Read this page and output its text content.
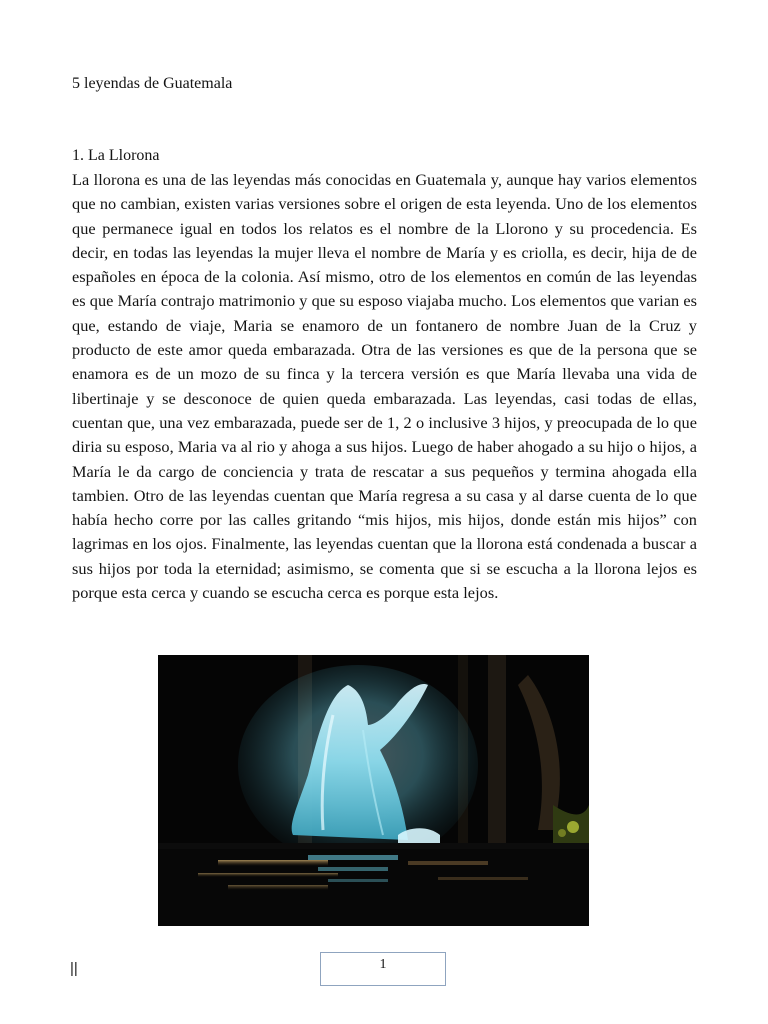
5 leyendas de Guatemala
1. La Llorona

La llorona es una de las leyendas más conocidas en Guatemala y, aunque hay varios elementos que no cambian, existen varias versiones sobre el origen de esta leyenda. Uno de los elementos que permanece igual en todos los relatos es el nombre de la Llorono y su procedencia. Es decir, en todas las leyendas la mujer lleva el nombre de María y es criolla, es decir, hija de de españoles en época de la colonia. Así mismo, otro de los elementos en común de las leyendas es que María contrajo matrimonio y que su esposo viajaba mucho. Los elementos que varian es que, estando de viaje, Maria se enamoro de un fontanero de nombre Juan de la Cruz y producto de este amor queda embarazada. Otra de las versiones es que de la persona que se enamora es de un mozo de su finca y la tercera versión es que María llevaba una vida de libertinaje y se desconoce de quien queda embarazada. Las leyendas, casi todas de ellas, cuentan que, una vez embarazada, puede ser de 1, 2 o inclusive 3 hijos, y preocupada de lo que diria su esposo, Maria va al rio y ahoga a sus hijos. Luego de haber ahogado a su hijo o hijos, a María le da cargo de conciencia y trata de rescatar a sus pequeños y termina ahogada ella tambien. Otro de las leyendas cuentan que María regresa a su casa y al darse cuenta de lo que había hecho corre por las calles gritando “mis hijos, mis hijos, donde están mis hijos” con lagrimas en los ojos. Finalmente, las leyendas cuentan que la llorona está condenada a buscar a sus hijos por toda la eternidad; asimismo, se comenta que si se escucha a la llorona lejos es porque esta cerca y cuando se escucha cerca es porque esta lejos.

||	1
